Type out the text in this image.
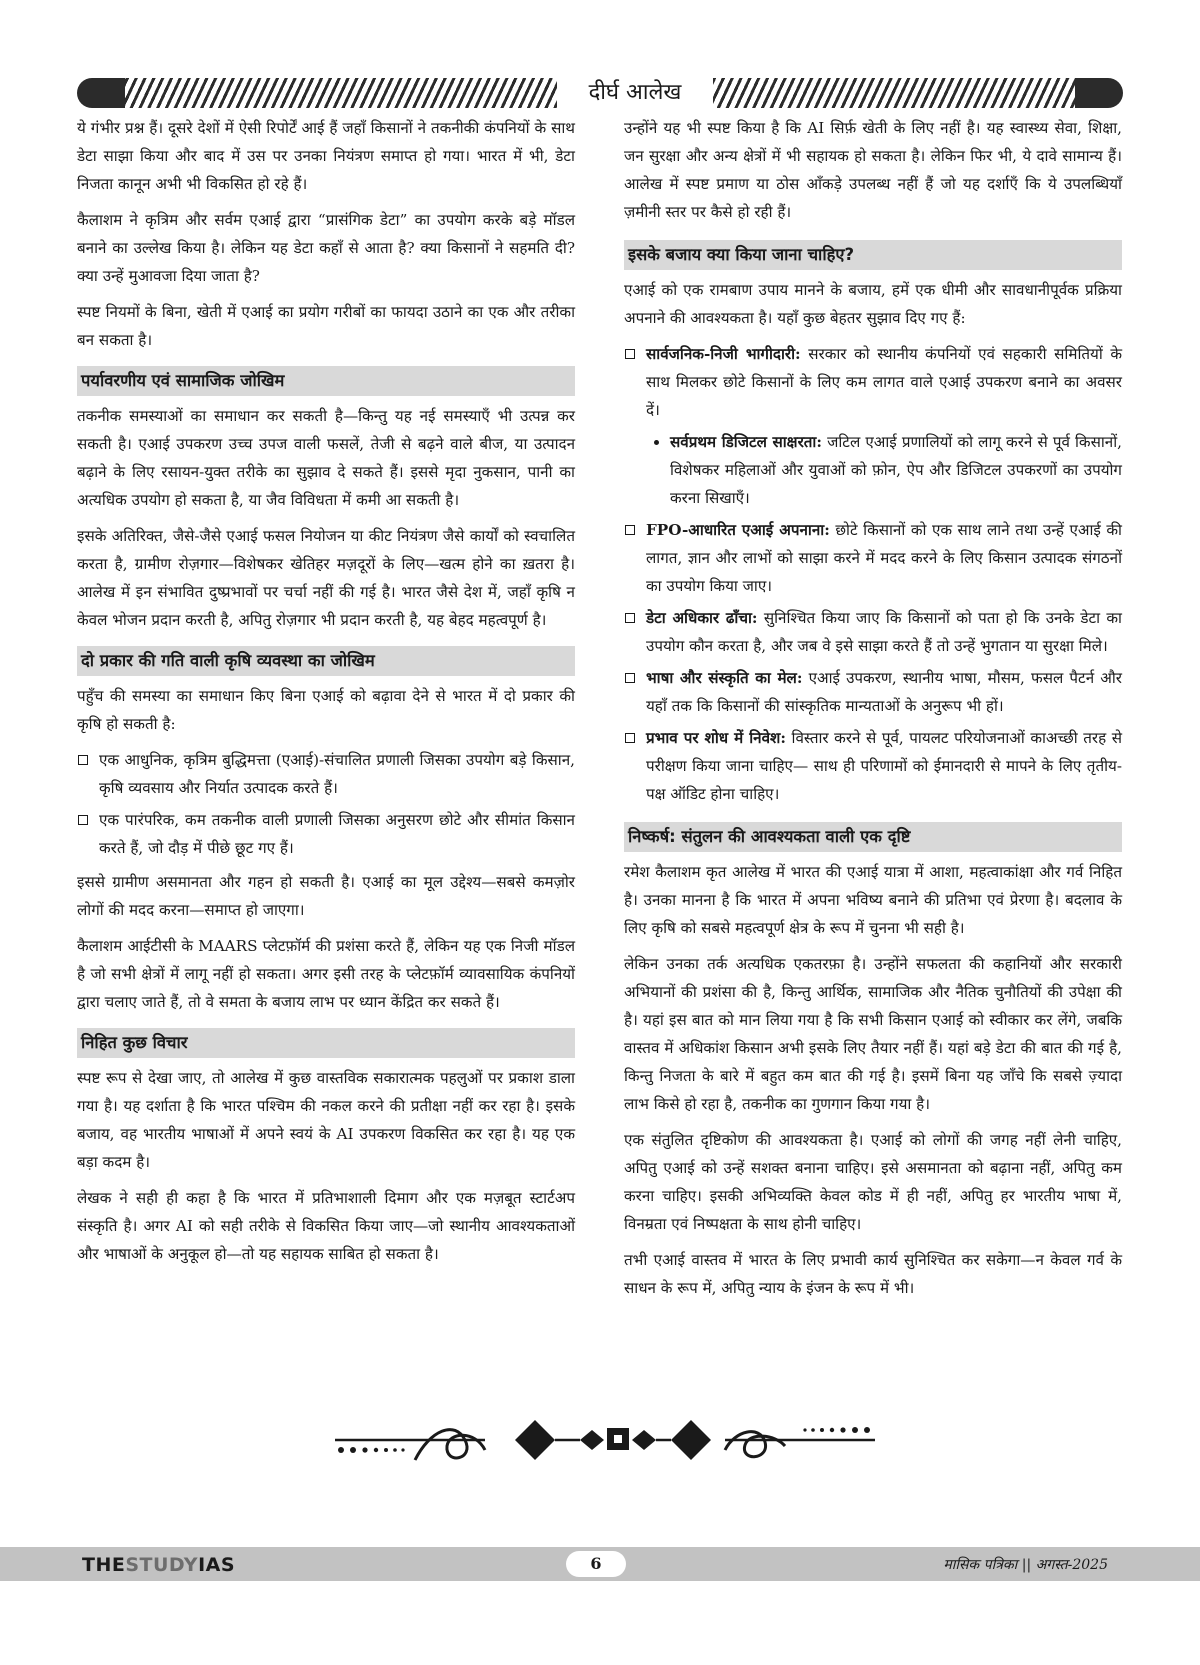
दीर्घ आलेख

ये गंभीर प्रश्न हैं। दूसरे देशों में ऐसी रिपोर्टें आई हैं जहाँ किसानों ने तकनीकी कंपनियों के साथ डेटा साझा किया और बाद में उस पर उनका नियंत्रण समाप्त हो गया। भारत में भी, डेटा निजता कानून अभी भी विकसित हो रहे हैं।

कैलाशम ने कृत्रिम और सर्वम एआई द्वारा “प्रासंगिक डेटा” का उपयोग करके बड़े मॉडल बनाने का उल्लेख किया है। लेकिन यह डेटा कहाँ से आता है? क्या किसानों ने सहमति दी? क्या उन्हें मुआवजा दिया जाता है?

स्पष्ट नियमों के बिना, खेती में एआई का प्रयोग गरीबों का फायदा उठाने का एक और तरीका बन सकता है।

पर्यावरणीय एवं सामाजिक जोखिम

तकनीक समस्याओं का समाधान कर सकती है—किन्तु यह नई समस्याएँ भी उत्पन्न कर सकती है। एआई उपकरण उच्च उपज वाली फसलें, तेजी से बढ़ने वाले बीज, या उत्पादन बढ़ाने के लिए रसायन-युक्त तरीके का सुझाव दे सकते हैं। इससे मृदा नुकसान, पानी का अत्यधिक उपयोग हो सकता है, या जैव विविधता में कमी आ सकती है।

इसके अतिरिक्त, जैसे-जैसे एआई फसल नियोजन या कीट नियंत्रण जैसे कार्यों को स्वचालित करता है, ग्रामीण रोज़गार—विशेषकर खेतिहर मज़दूरों के लिए—खत्म होने का ख़तरा है। आलेख में इन संभावित दुष्प्रभावों पर चर्चा नहीं की गई है। भारत जैसे देश में, जहाँ कृषि न केवल भोजन प्रदान करती है, अपितु रोज़गार भी प्रदान करती है, यह बेहद महत्वपूर्ण है।

दो प्रकार की गति वाली कृषि व्यवस्था का जोखिम

पहुँच की समस्या का समाधान किए बिना एआई को बढ़ावा देने से भारत में दो प्रकार की कृषि हो सकती है:

एक आधुनिक, कृत्रिम बुद्धिमत्ता (एआई)-संचालित प्रणाली जिसका उपयोग बड़े किसान, कृषि व्यवसाय और निर्यात उत्पादक करते हैं।
एक पारंपरिक, कम तकनीक वाली प्रणाली जिसका अनुसरण छोटे और सीमांत किसान करते हैं, जो दौड़ में पीछे छूट गए हैं।

इससे ग्रामीण असमानता और गहन हो सकती है। एआई का मूल उद्देश्य—सबसे कमज़ोर लोगों की मदद करना—समाप्त हो जाएगा।

कैलाशम आईटीसी के MAARS प्लेटफ़ॉर्म की प्रशंसा करते हैं, लेकिन यह एक निजी मॉडल है जो सभी क्षेत्रों में लागू नहीं हो सकता। अगर इसी तरह के प्लेटफ़ॉर्म व्यावसायिक कंपनियों द्वारा चलाए जाते हैं, तो वे समता के बजाय लाभ पर ध्यान केंद्रित कर सकते हैं।

निहित कुछ विचार

स्पष्ट रूप से देखा जाए, तो आलेख में कुछ वास्तविक सकारात्मक पहलुओं पर प्रकाश डाला गया है। यह दर्शाता है कि भारत पश्चिम की नकल करने की प्रतीक्षा नहीं कर रहा है। इसके बजाय, वह भारतीय भाषाओं में अपने स्वयं के AI उपकरण विकसित कर रहा है। यह एक बड़ा कदम है।

लेखक ने सही ही कहा है कि भारत में प्रतिभाशाली दिमाग और एक मज़बूत स्टार्टअप संस्कृति है। अगर AI को सही तरीके से विकसित किया जाए—जो स्थानीय आवश्यकताओं और भाषाओं के अनुकूल हो—तो यह सहायक साबित हो सकता है।

उन्होंने यह भी स्पष्ट किया है कि AI सिर्फ़ खेती के लिए नहीं है। यह स्वास्थ्य सेवा, शिक्षा, जन सुरक्षा और अन्य क्षेत्रों में भी सहायक हो सकता है। लेकिन फिर भी, ये दावे सामान्य हैं। आलेख में स्पष्ट प्रमाण या ठोस आँकड़े उपलब्ध नहीं हैं जो यह दर्शाएँ कि ये उपलब्धियाँ ज़मीनी स्तर पर कैसे हो रही हैं।

इसके बजाय क्या किया जाना चाहिए?

एआई को एक रामबाण उपाय मानने के बजाय, हमें एक धीमी और सावधानीपूर्वक प्रक्रिया अपनाने की आवश्यकता है। यहाँ कुछ बेहतर सुझाव दिए गए हैं:

सार्वजनिक-निजी भागीदारी: सरकार को स्थानीय कंपनियों एवं सहकारी समितियों के साथ मिलकर छोटे किसानों के लिए कम लागत वाले एआई उपकरण बनाने का अवसर दें।
सर्वप्रथम डिजिटल साक्षरता: जटिल एआई प्रणालियों को लागू करने से पूर्व किसानों, विशेषकर महिलाओं और युवाओं को फ़ोन, ऐप और डिजिटल उपकरणों का उपयोग करना सिखाएँ।
FPO-आधारित एआई अपनाना: छोटे किसानों को एक साथ लाने तथा उन्हें एआई की लागत, ज्ञान और लाभों को साझा करने में मदद करने के लिए किसान उत्पादक संगठनों का उपयोग किया जाए।
डेटा अधिकार ढाँचा: सुनिश्चित किया जाए कि किसानों को पता हो कि उनके डेटा का उपयोग कौन करता है, और जब वे इसे साझा करते हैं तो उन्हें भुगतान या सुरक्षा मिले।
भाषा और संस्कृति का मेल: एआई उपकरण, स्थानीय भाषा, मौसम, फसल पैटर्न और यहाँ तक कि किसानों की सांस्कृतिक मान्यताओं के अनुरूप भी हों।
प्रभाव पर शोध में निवेश: विस्तार करने से पूर्व, पायलट परियोजनाओं काअच्छी तरह से परीक्षण किया जाना चाहिए— साथ ही परिणामों को ईमानदारी से मापने के लिए तृतीय-पक्ष ऑडिट होना चाहिए।
निष्कर्ष: संतुलन की आवश्यकता वाली एक दृष्टि

रमेश कैलाशम कृत आलेख में भारत की एआई यात्रा में आशा, महत्वाकांक्षा और गर्व निहित है। उनका मानना है कि भारत में अपना भविष्य बनाने की प्रतिभा एवं प्रेरणा है। बदलाव के लिए कृषि को सबसे महत्वपूर्ण क्षेत्र के रूप में चुनना भी सही है।

लेकिन उनका तर्क अत्यधिक एकतरफ़ा है। उन्होंने सफलता की कहानियों और सरकारी अभियानों की प्रशंसा की है, किन्तु आर्थिक, सामाजिक और नैतिक चुनौतियों की उपेक्षा की है। यहां इस बात को मान लिया गया है कि सभी किसान एआई को स्वीकार कर लेंगे, जबकि वास्तव में अधिकांश किसान अभी इसके लिए तैयार नहीं हैं। यहां बड़े डेटा की बात की गई है, किन्तु निजता के बारे में बहुत कम बात की गई है। इसमें बिना यह जाँचे कि सबसे ज़्यादा लाभ किसे हो रहा है, तकनीक का गुणगान किया गया है।

एक संतुलित दृष्टिकोण की आवश्यकता है। एआई को लोगों की जगह नहीं लेनी चाहिए, अपितु एआई को उन्हें सशक्त बनाना चाहिए। इसे असमानता को बढ़ाना नहीं, अपितु कम करना चाहिए। इसकी अभिव्यक्ति केवल कोड में ही नहीं, अपितु हर भारतीय भाषा में, विनम्रता एवं निष्पक्षता के साथ होनी चाहिए।

तभी एआई वास्तव में भारत के लिए प्रभावी कार्य सुनिश्चित कर सकेगा—न केवल गर्व के साधन के रूप में, अपितु न्याय के इंजन के रूप में भी।

THESTUDYIAS	6	मासिक पत्रिका || अगस्त-2025
